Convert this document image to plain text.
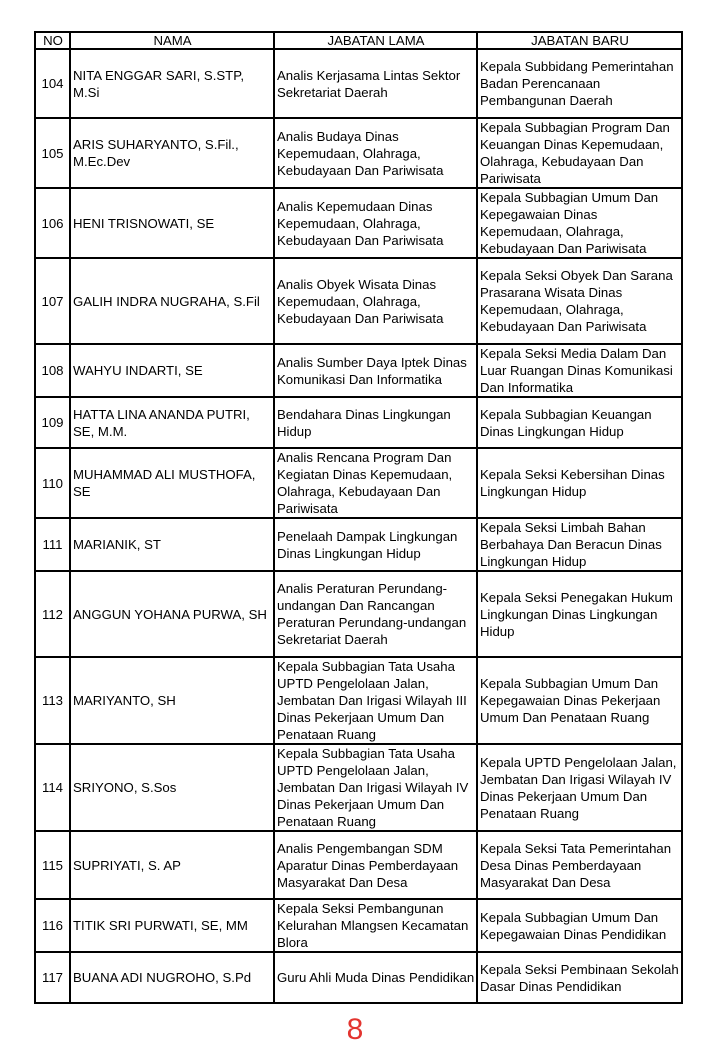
NO	NAMA	JABATAN LAMA	JABATAN BARU
104	NITA ENGGAR SARI, S.STP, M.Si	Analis Kerjasama Lintas Sektor Sekretariat Daerah	Kepala Subbidang Pemerintahan Badan Perencanaan Pembangunan Daerah
105	ARIS SUHARYANTO, S.Fil., M.Ec.Dev	Analis Budaya Dinas Kepemudaan, Olahraga, Kebudayaan Dan Pariwisata	Kepala Subbagian Program Dan Keuangan Dinas Kepemudaan, Olahraga, Kebudayaan Dan Pariwisata
106	HENI TRISNOWATI, SE	Analis Kepemudaan Dinas Kepemudaan, Olahraga, Kebudayaan Dan Pariwisata	Kepala Subbagian Umum Dan Kepegawaian Dinas Kepemudaan, Olahraga, Kebudayaan Dan Pariwisata
107	GALIH INDRA NUGRAHA, S.Fil	Analis Obyek Wisata Dinas Kepemudaan, Olahraga, Kebudayaan Dan Pariwisata	Kepala Seksi Obyek Dan Sarana Prasarana Wisata Dinas Kepemudaan, Olahraga, Kebudayaan Dan Pariwisata
108	WAHYU INDARTI, SE	Analis Sumber Daya Iptek Dinas Komunikasi Dan Informatika	Kepala Seksi Media Dalam Dan Luar Ruangan Dinas Komunikasi Dan Informatika
109	HATTA LINA ANANDA PUTRI, SE, M.M.	Bendahara Dinas Lingkungan Hidup	Kepala Subbagian Keuangan Dinas Lingkungan Hidup
110	MUHAMMAD ALI MUSTHOFA, SE	Analis Rencana Program Dan Kegiatan Dinas Kepemudaan, Olahraga, Kebudayaan Dan Pariwisata	Kepala Seksi Kebersihan Dinas Lingkungan Hidup
111	MARIANIK, ST	Penelaah Dampak Lingkungan Dinas Lingkungan Hidup	Kepala Seksi Limbah Bahan Berbahaya Dan Beracun Dinas Lingkungan Hidup
112	ANGGUN YOHANA PURWA, SH	Analis Peraturan Perundang-undangan Dan Rancangan Peraturan Perundang-undangan Sekretariat Daerah	Kepala Seksi Penegakan Hukum Lingkungan Dinas Lingkungan Hidup
113	MARIYANTO, SH	Kepala Subbagian Tata Usaha UPTD Pengelolaan Jalan, Jembatan Dan Irigasi Wilayah III Dinas Pekerjaan Umum Dan Penataan Ruang	Kepala Subbagian Umum Dan Kepegawaian Dinas Pekerjaan Umum Dan Penataan Ruang
114	SRIYONO, S.Sos	Kepala Subbagian Tata Usaha UPTD Pengelolaan Jalan, Jembatan Dan Irigasi Wilayah IV Dinas Pekerjaan Umum Dan Penataan Ruang	Kepala UPTD Pengelolaan Jalan, Jembatan Dan Irigasi Wilayah IV Dinas Pekerjaan Umum Dan Penataan Ruang
115	SUPRIYATI, S. AP	Analis Pengembangan SDM Aparatur Dinas Pemberdayaan Masyarakat Dan Desa	Kepala Seksi Tata Pemerintahan Desa Dinas Pemberdayaan Masyarakat Dan Desa
116	TITIK SRI PURWATI, SE, MM	Kepala Seksi Pembangunan Kelurahan Mlangsen Kecamatan Blora	Kepala Subbagian Umum Dan Kepegawaian Dinas Pendidikan
117	BUANA ADI NUGROHO, S.Pd	Guru Ahli Muda Dinas Pendidikan	Kepala Seksi Pembinaan Sekolah Dasar Dinas Pendidikan
8
